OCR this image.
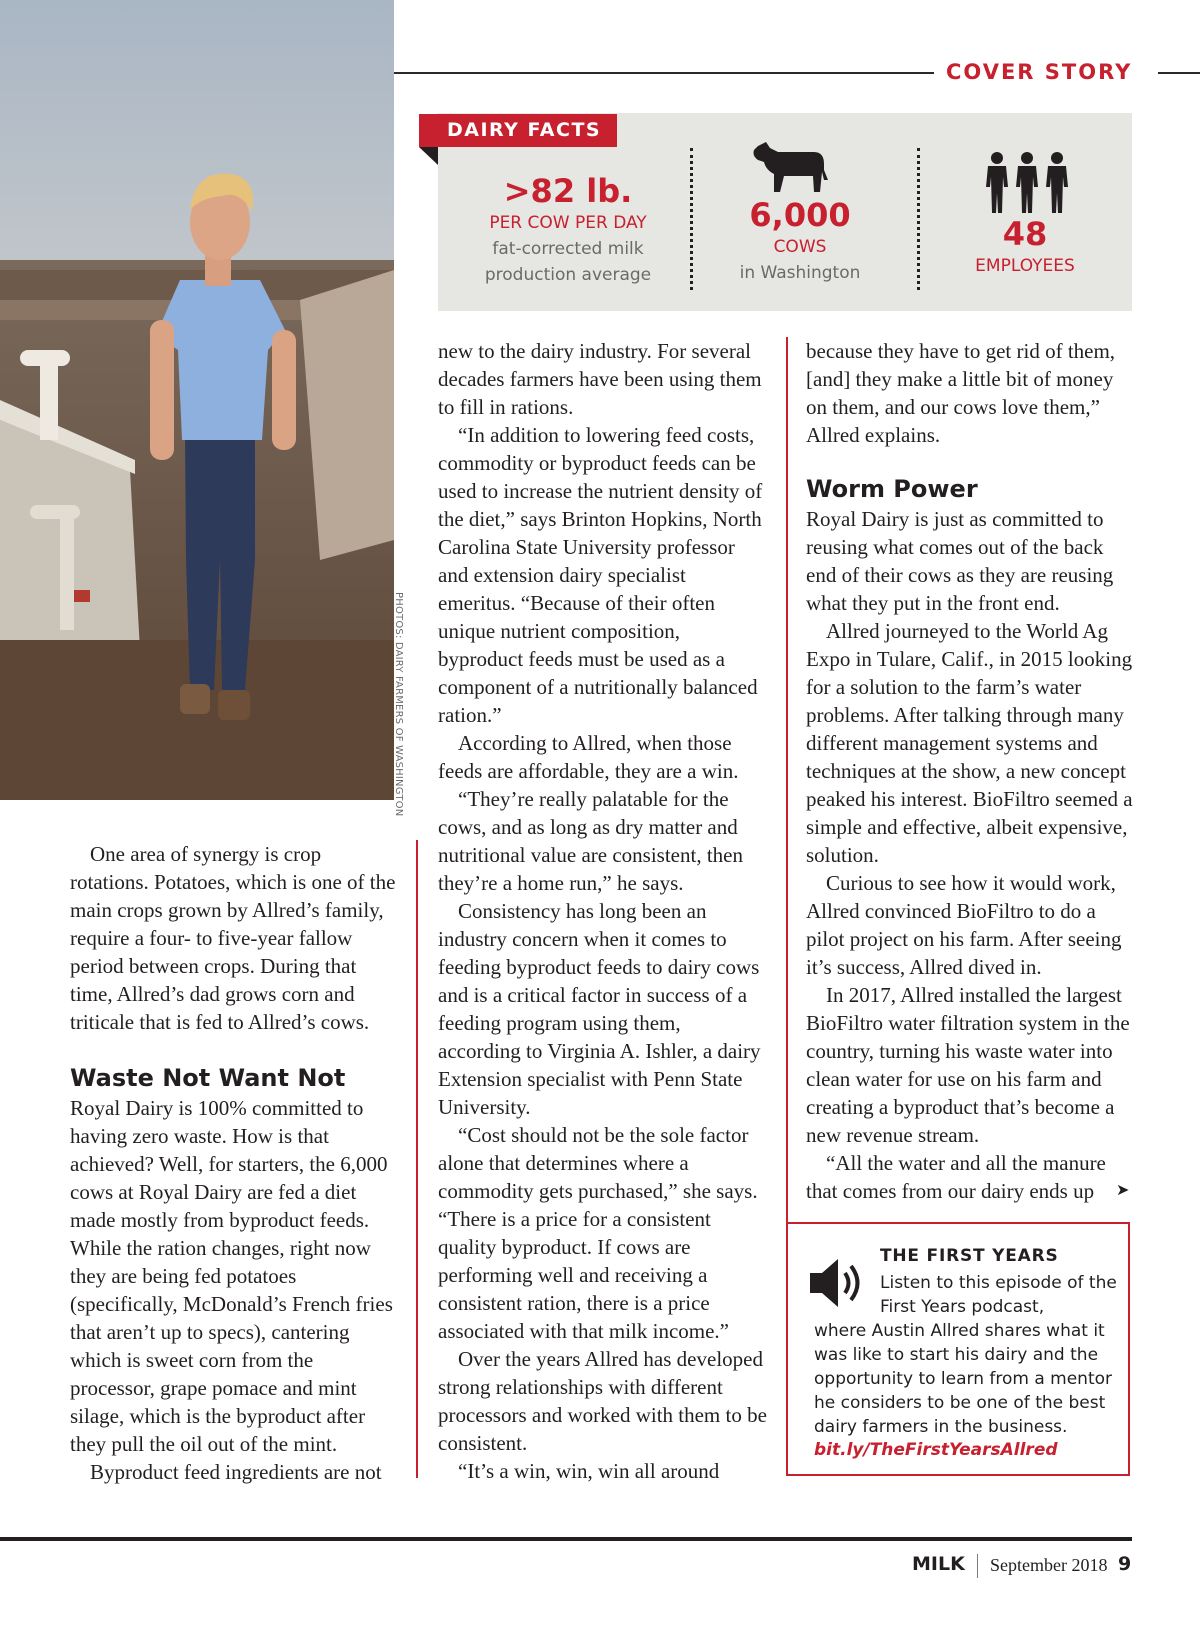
PHOTOS: DAIRY FARMERS OF WASHINGTON
COVER STORY
DAIRY FACTS
>82 lb.
PER COW PER DAY
fat-corrected milk
production average
6,000
COWS
in Washington
48
EMPLOYEES

One area of synergy is crop rotations. Potatoes, which is one of the main crops grown by Allred’s family, require a four- to five-year fallow period between crops. During that time, Allred’s dad grows corn and triticale that is fed to Allred’s cows.

Waste Not Want Not

Royal Dairy is 100% committed to having zero waste. How is that achieved? Well, for starters, the 6,000 cows at Royal Dairy are fed a diet made mostly from byproduct feeds. While the ration changes, right now they are being fed potatoes (specifically, McDonald’s French fries that aren’t up to specs), cantering which is sweet corn from the processor, grape pomace and mint silage, which is the byproduct after they pull the oil out of the mint.

Byproduct feed ingredients are not

new to the dairy industry. For several decades farmers have been using them to fill in rations.

“In addition to lowering feed costs, commodity or byproduct feeds can be used to increase the nutrient density of the diet,” says Brinton Hopkins, North Carolina State University professor and extension dairy specialist emeritus. “Because of their often unique nutrient composition, byproduct feeds must be used as a component of a nutritionally balanced ration.”

According to Allred, when those feeds are affordable, they are a win.

“They’re really palatable for the cows, and as long as dry matter and nutritional value are consistent, then they’re a home run,” he says.

Consistency has long been an industry concern when it comes to feeding byproduct feeds to dairy cows and is a critical factor in success of a feeding program using them, according to Virginia A. Ishler, a dairy Extension specialist with Penn State University.

“Cost should not be the sole factor alone that determines where a commodity gets purchased,” she says. “There is a price for a consistent quality byproduct. If cows are performing well and receiving a consistent ration, there is a price associated with that milk income.”

Over the years Allred has developed strong relationships with different processors and worked with them to be consistent.

“It’s a win, win, win all around

because they have to get rid of them, [and] they make a little bit of money on them, and our cows love them,” Allred explains.

Worm Power

Royal Dairy is just as committed to reusing what comes out of the back end of their cows as they are reusing what they put in the front end.

Allred journeyed to the World Ag Expo in Tulare, Calif., in 2015 looking for a solution to the farm’s water problems. After talking through many different management systems and techniques at the show, a new concept peaked his interest. BioFiltro seemed a simple and effective, albeit expensive, solution.

Curious to see how it would work, Allred convinced BioFiltro to do a pilot project on his farm. After seeing it’s success, Allred dived in.

In 2017, Allred installed the largest BioFiltro water filtration system in the country, turning his waste water into clean water for use on his farm and creating a byproduct that’s become a new revenue stream.

“All the water and all the manure that comes from our dairy ends up	➤
THE FIRST YEARS
Listen to this episode of the First Years podcast,
where Austin Allred shares what it was like to start his dairy and the opportunity to learn from a mentor he considers to be one of the best dairy farmers in the business.
bit.ly/TheFirstYearsAllred
MILK September 2018 9
